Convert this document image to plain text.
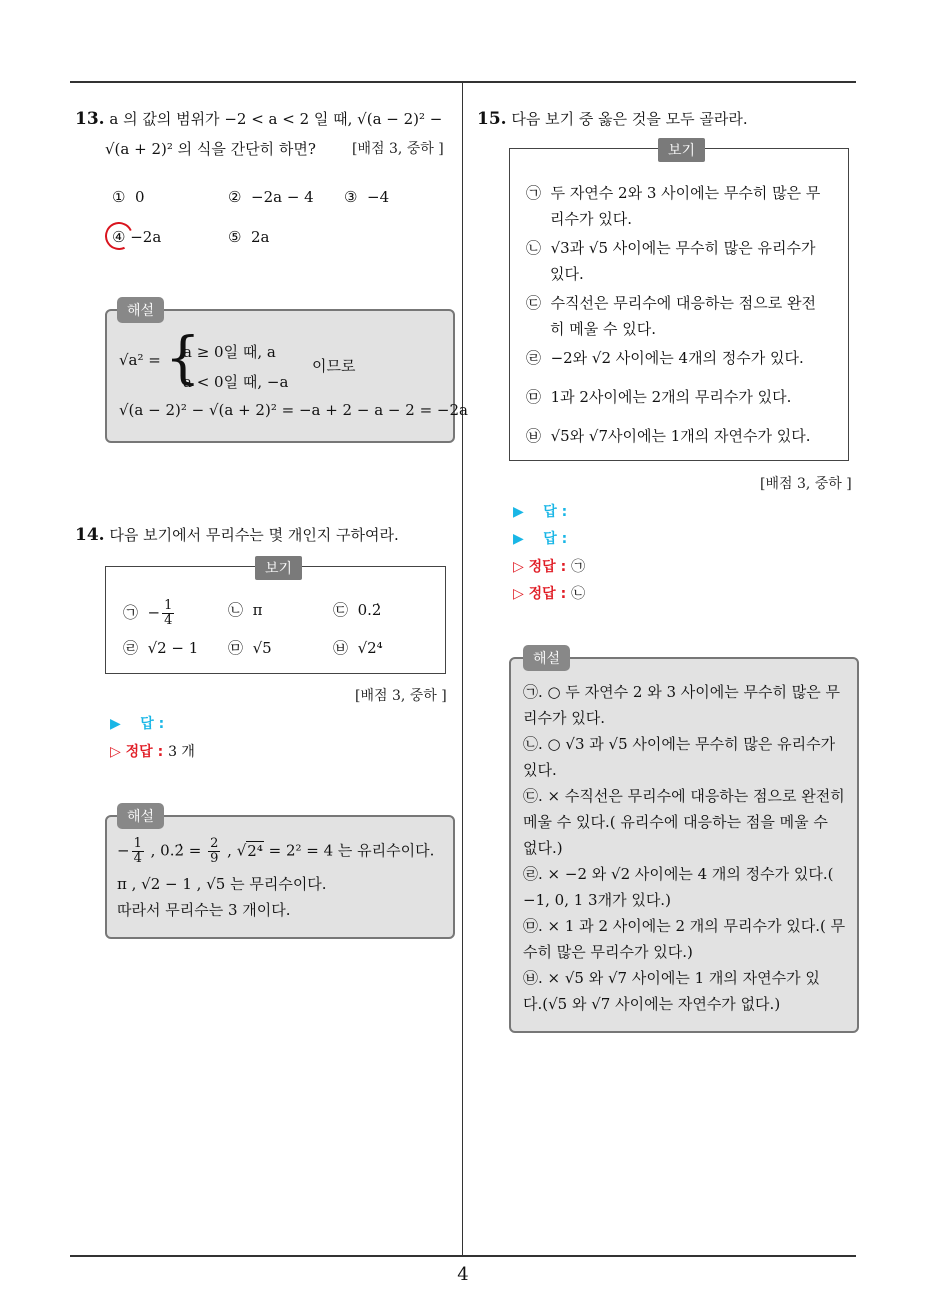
13. a 의 값의 범위가 −2 < a < 2 일 때, √(a − 2)² −
√(a + 2)² 의 식을 간단히 하면?	[배점 3, 중하 ]
① 0	② −2a − 4 ③ −4
④ −2a	⑤ 2a
√a² = {
a ≥ 0일 때, a
a < 0일 때, −a
이므로
√(a − 2)² − √(a + 2)² = −a + 2 − a − 2 = −2a
해설
14. 다음 보기에서 무리수는 몇 개인지 구하여라.
㉠  − $\frac{1}{4}$	㉡ π	㉢ 0.2̇
㉣ √2 − 1 ㉤ √5	㉥ √2⁴
보기
[배점 3, 중하 ]
▶ 답 :
▷ 정답 : 3 개
− $\frac{1}{4}$ , 0.2̇ = $\frac{2}{9}$ , √2⁴ = 2² = 4 는 유리수이다.
π , √2 − 1 , √5 는 무리수이다.
따라서 무리수는 3 개이다.
해설
15. 다음 보기 중 옳은 것을 모두 골라라.
㉠ 두 자연수 2와 3 사이에는 무수히 많은 무
리수가 있다.
㉡ √3과 √5 사이에는 무수히 많은 유리수가
있다.
㉢ 수직선은 무리수에 대응하는 점으로 완전
히 메울 수 있다.
㉣ −2와 √2 사이에는 4개의 정수가 있다.
㉤ 1과 2사이에는 2개의 무리수가 있다.
㉥ √5와 √7사이에는 1개의 자연수가 있다.
보기
[배점 3, 중하 ]
▶ 답 :
▶ 답 :
▷ 정답 : ㉠
▷ 정답 : ㉡
㉠. ○ 두 자연수 2 와 3 사이에는 무수히 많은 무
리수가 있다.
㉡. ○ √3 과 √5 사이에는 무수히 많은 유리수가
있다.
㉢. × 수직선은 무리수에 대응하는 점으로 완전히
메울 수 있다.( 유리수에 대응하는 점을 메울 수
없다.)
㉣. × −2 와 √2 사이에는 4 개의 정수가 있다.(
−1, 0, 1 3개가 있다.)
㉤. × 1 과 2 사이에는 2 개의 무리수가 있다.( 무
수히 많은 무리수가 있다.)
㉥. × √5 와 √7 사이에는 1 개의 자연수가 있
다.(√5 와 √7 사이에는 자연수가 없다.)
해설
4
